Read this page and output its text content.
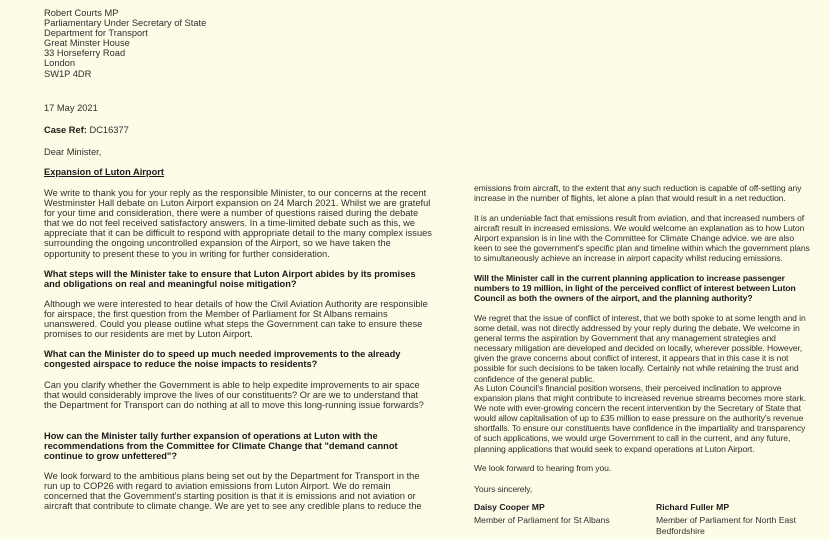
Robert Courts MP
Parliamentary Under Secretary of State
Department for Transport
Great Minster House
33 Horseferry Road
London
SW1P 4DR
17 May 2021
Case Ref: DC16377
Dear Minister,
Expansion of Luton Airport

We write to thank you for your reply as the responsible Minister, to our concerns at the recent Westminster Hall debate on Luton Airport expansion on 24 March 2021. Whilst we are grateful for your time and consideration, there were a number of questions raised during the debate that we do not feel received satisfactory answers. In a time-limited debate such as this, we appreciate that it can be difficult to respond with appropriate detail to the many complex issues surrounding the ongoing uncontrolled expansion of the Airport, so we have taken the opportunity to present these to you in writing for further consideration.

What steps will the Minister take to ensure that Luton Airport abides by its promises and obligations on real and meaningful noise mitigation?

Although we were interested to hear details of how the Civil Aviation Authority are responsible for airspace, the first question from the Member of Parliament for St Albans remains unanswered. Could you please outline what steps the Government can take to ensure these promises to our residents are met by Luton Airport.

What can the Minister do to speed up much needed improvements to the already congested airspace to reduce the noise impacts to residents?

Can you clarify whether the Government is able to help expedite improvements to air space that would considerably improve the lives of our constituents? Or are we to understand that the Department for Transport can do nothing at all to move this long-running issue forwards?

How can the Minister tally further expansion of operations at Luton with the recommendations from the Committee for Climate Change that "demand cannot continue to grow unfettered"?

We look forward to the ambitious plans being set out by the Department for Transport in the run up to COP26 with regard to aviation emissions from Luton Airport. We do remain concerned that the Government's starting position is that it is emissions and not aviation or aircraft that contribute to climate change. We are yet to see any credible plans to reduce the

emissions from aircraft, to the extent that any such reduction is capable of off-setting any increase in the number of flights, let alone a plan that would result in a net reduction.

It is an undeniable fact that emissions result from aviation, and that increased numbers of aircraft result in increased emissions. We would welcome an explanation as to how Luton Airport expansion is in line with the Committee for Climate Change advice. we are also keen to see the government's specific plan and timeline within which the government plans to simultaneously achieve an increase in airport capacity whilst reducing emissions.

Will the Minister call in the current planning application to increase passenger numbers to 19 million, in light of the perceived conflict of interest between Luton Council as both the owners of the airport, and the planning authority?

We regret that the issue of conflict of interest, that we both spoke to at some length and in some detail, was not directly addressed by your reply during the debate. We welcome in general terms the aspiration by Government that any management strategies and necessary mitigation are developed and decided on locally, wherever possible. However, given the grave concerns about conflict of interest, it appears that in this case it is not possible for such decisions to be taken locally. Certainly not while retaining the trust and confidence of the general public.

As Luton Council's financial position worsens, their perceived inclination to approve expansion plans that might contribute to increased revenue streams becomes more stark. We note with ever-growing concern the recent intervention by the Secretary of State that would allow capitalisation of up to £35 million to ease pressure on the authority's revenue shortfalls. To ensure our constituents have confidence in the impartiality and transparency of such applications, we would urge Government to call in the current, and any future, planning applications that would seek to expand operations at Luton Airport.

We look forward to hearing from you.

Yours sincerely,

Daisy Cooper MP
Member of Parliament for St Albans
Richard Fuller MP
Member of Parliament for North East Bedfordshire
